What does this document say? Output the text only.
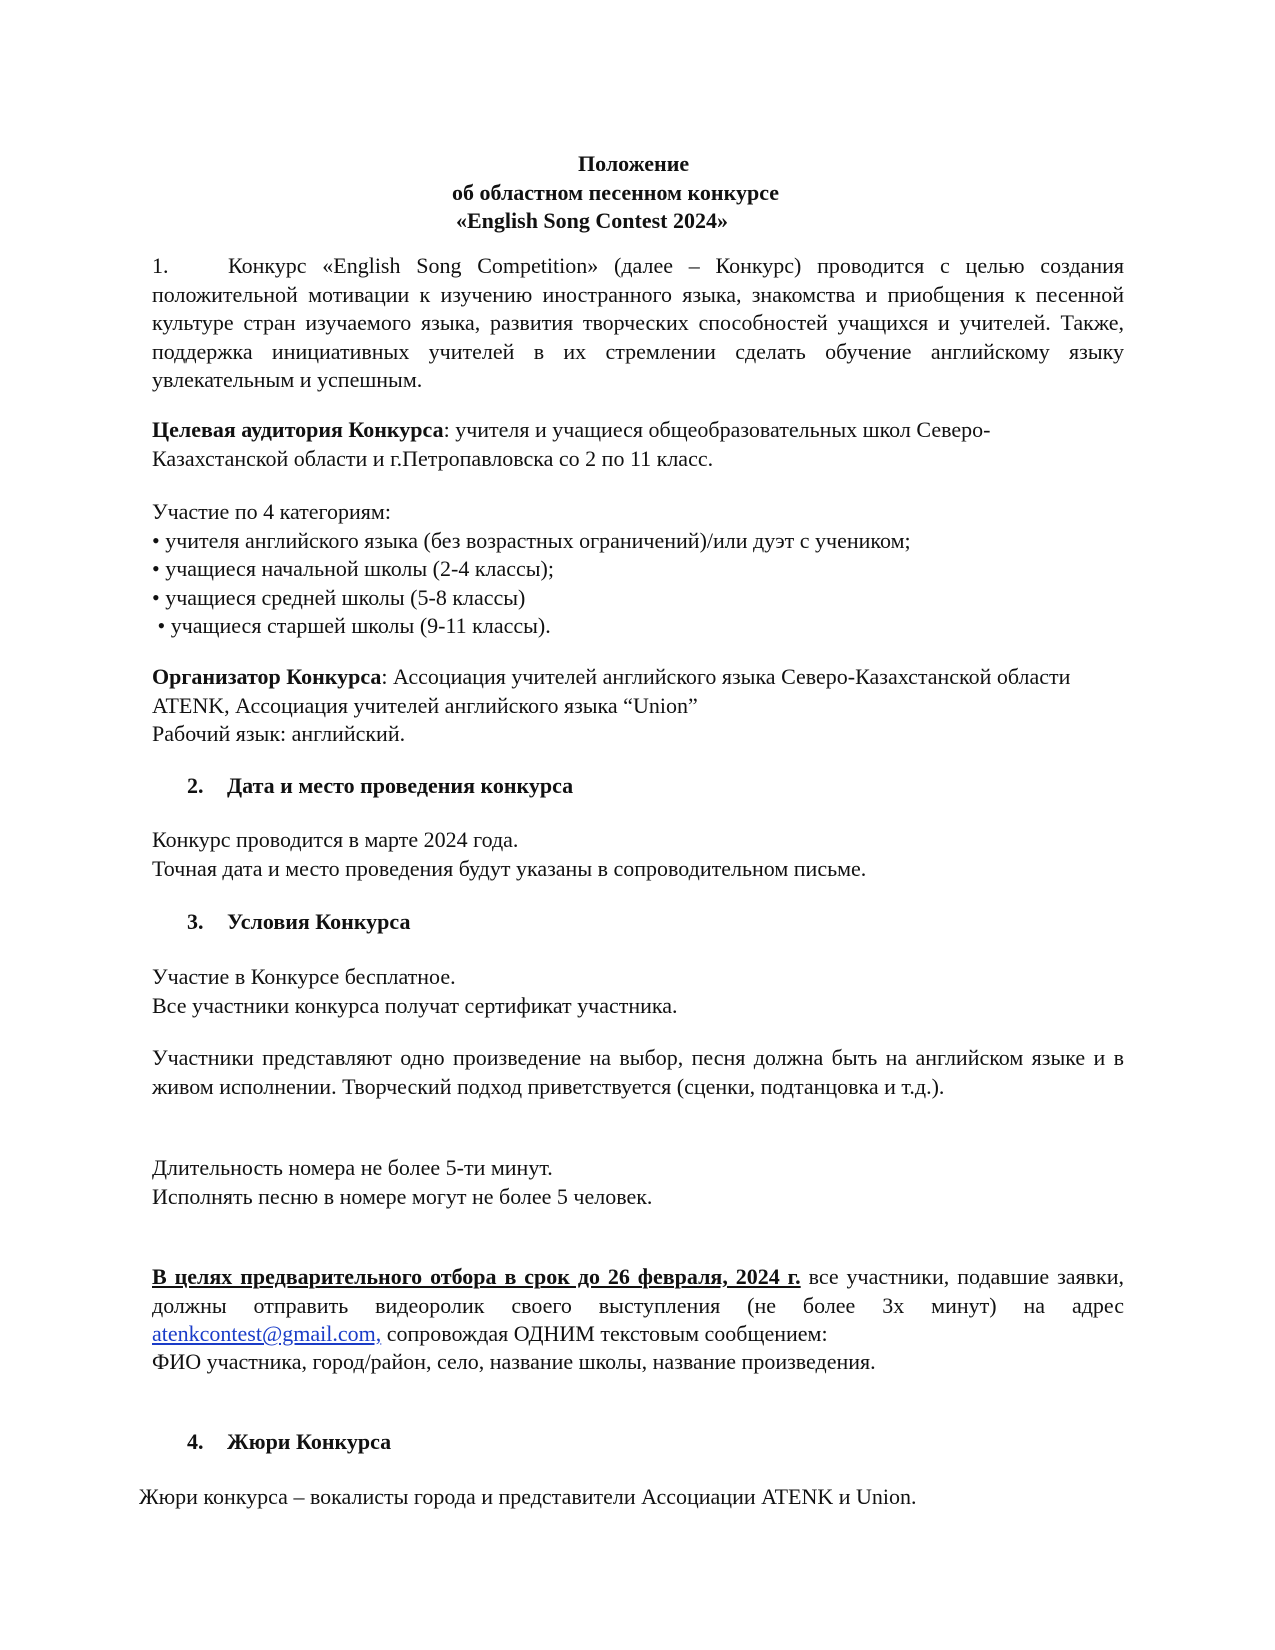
Положение
об областном песенном конкурсе
«English Song Contest 2024»
1.	Конкурс «English Song Competition» (далее – Конкурс) проводится с целью создания положительной мотивации к изучению иностранного языка, знакомства и приобщения к песенной культуре стран изучаемого языка, развития творческих способностей учащихся и учителей. Также, поддержка инициативных учителей в их стремлении сделать обучение английскому языку увлекательным и успешным.
Целевая аудитория Конкурса: учителя и учащиеся общеобразовательных школ Северо-Казахстанской области и г.Петропавловска со 2 по 11 класс.

Участие по 4 категориям:

• учителя английского языка (без возрастных ограничений)/или дуэт с учеником;

• учащиеся начальной школы (2-4 классы);

• учащиеся средней школы (5-8 классы)

• учащиеся старшей школы (9-11 классы).

Организатор Конкурса: Ассоциация учителей английского языка Северо-Казахстанской области ATENK, Ассоциация учителей английского языка “Union”

Рабочий язык: английский.

2. Дата и место проведения конкурса

Конкурс проводится в марте 2024 года.

Точная дата и место проведения будут указаны в сопроводительном письме.

3. Условия Конкурса

Участие в Конкурсе бесплатное.

Все участники конкурса получат сертификат участника.

Участники представляют одно произведение на выбор, песня должна быть на английском языке и в живом исполнении. Творческий подход приветствуется (сценки, подтанцовка и т.д.).

Длительность номера не более 5-ти минут.

Исполнять песню в номере могут не более 5 человек.

В целях предварительного отбора в срок до 26 февраля, 2024 г. все участники, подавшие заявки, должны отправить видеоролик своего выступления (не более 3х минут) на адрес atenkcontest@gmail.com, сопровождая ОДНИМ текстовым сообщением:
ФИО участника, город/район, село, название школы, название произведения.
4. Жюри Конкурса
Жюри конкурса – вокалисты города и представители Ассоциации ATENK и Union.
